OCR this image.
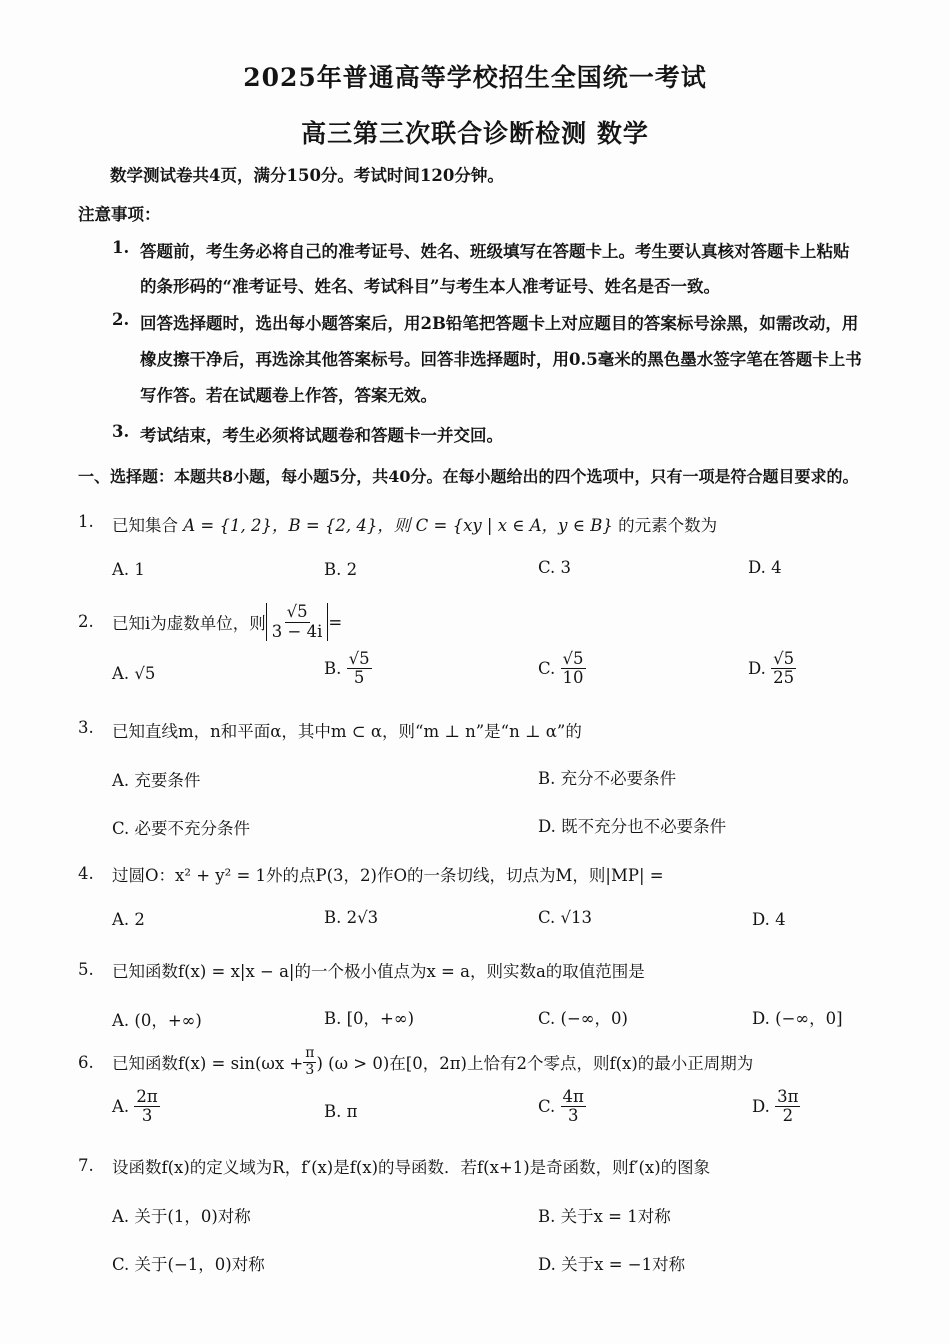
2025年普通高等学校招生全国统一考试
高三第三次联合诊断检测 数学
数学测试卷共4页，满分150分。考试时间120分钟。
注意事项：
1. 答题前，考生务必将自己的准考证号、姓名、班级填写在答题卡上。考生要认真核对答题卡上粘贴
的条形码的“准考证号、姓名、考试科目”与考生本人准考证号、姓名是否一致。
2. 回答选择题时，选出每小题答案后，用2B铅笔把答题卡上对应题目的答案标号涂黑，如需改动，用
橡皮擦干净后，再选涂其他答案标号。回答非选择题时，用0.5毫米的黑色墨水签字笔在答题卡上书
写作答。若在试题卷上作答，答案无效。
3. 考试结束，考生必须将试题卷和答题卡一并交回。
一、选择题：本题共8小题，每小题5分，共40分。在每小题给出的四个选项中，只有一项是符合题目要求的。
1. 已知集合 A = {1, 2}，B = {2, 4}，则 C = {xy | x ∈ A，y ∈ B} 的元素个数为
A. 1	B. 2	C. 3	D. 4
2. 已知i为虚数单位，则 $\frac{√5}{3 - 4i}$ =
A. √5	B.
$\frac{√5}{5}$	C.
$\frac{√5}{10}$	D.
$\frac{√5}{25}$
3. 已知直线m，n和平面α，其中m ⊂ α，则“m ⊥ n”是“n ⊥ α”的
A. 充要条件	B. 充分不必要条件
C. 必要不充分条件	D. 既不充分也不必要条件
4. 过圆O：x² + y² = 1外的点P(3，2)作O的一条切线，切点为M，则|MP| =
A. 2	B. 2√3	C. √13	D. 4
5. 已知函数f(x) = x|x − a|的一个极小值点为x = a，则实数a的取值范围是
A. (0，+∞)	B. [0，+∞)	C. (−∞，0)	D. (−∞，0]
6. 已知函数$f(x) = \sin(\omega x + \frac{\pi}{3}$ ) (ω > 0)在[0，2π)上恰有2个零点，则f(x)的最小正周期为
A.
$\frac{2\pi}{3}$	B. π	C.
$\frac{4\pi}{3}$	D.
$\frac{3\pi}{2}$
7. 设函数f(x)的定义域为R，f′(x)是f(x)的导函数．若f(x+1)是奇函数，则f′(x)的图象
A. 关于(1，0)对称	B. 关于x = 1对称
C. 关于(−1，0)对称	D. 关于x = −1对称
